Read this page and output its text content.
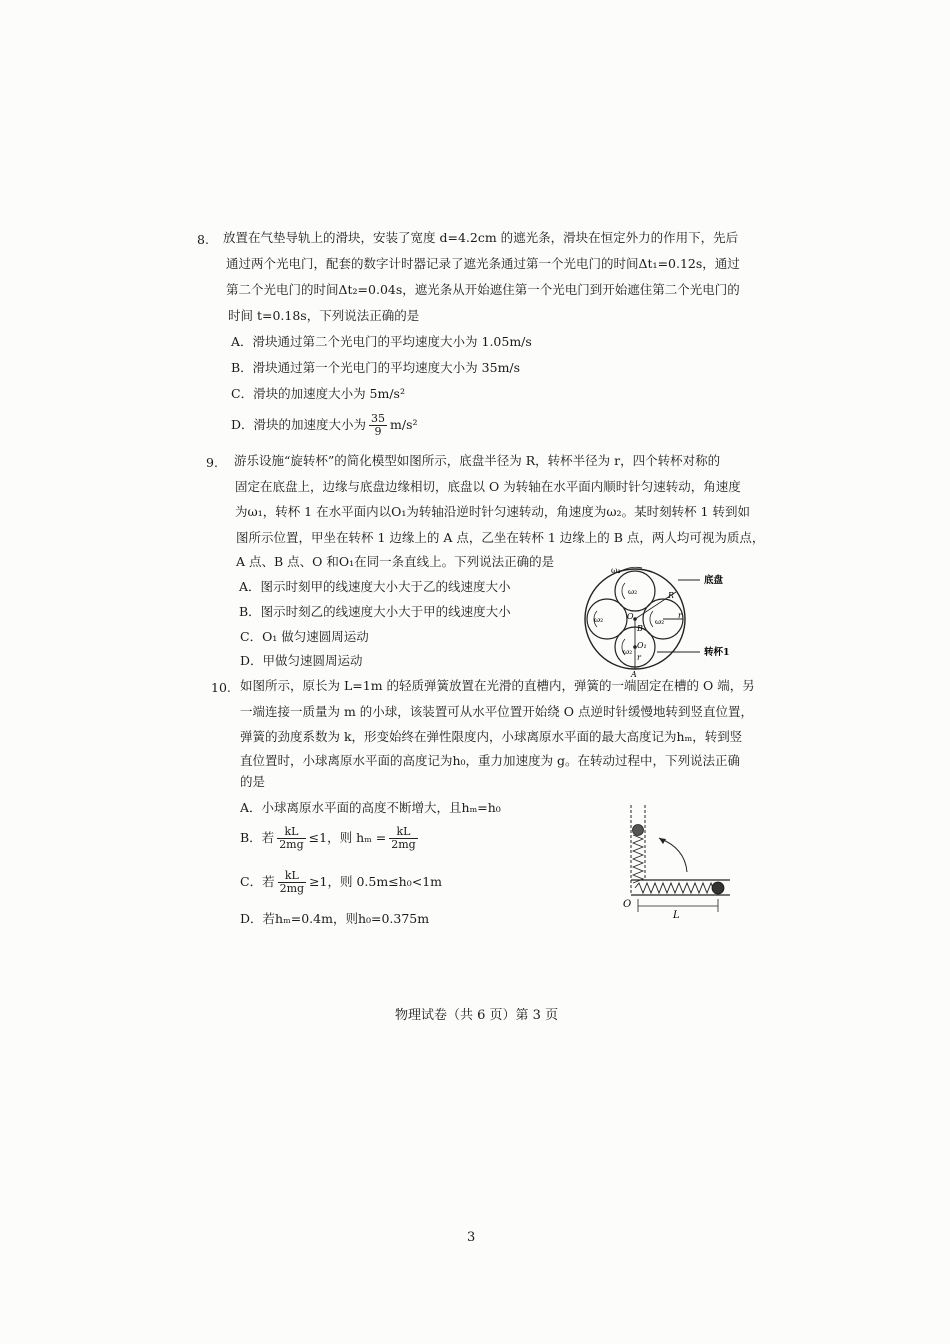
8. 放置在气垫导轨上的滑块，安装了宽度 d=4.2cm 的遮光条，滑块在恒定外力的作用下，先后
通过两个光电门，配套的数字计时器记录了遮光条通过第一个光电门的时间Δt₁=0.12s，通过
第二个光电门的时间Δt₂=0.04s，遮光条从开始遮住第一个光电门到开始遮住第二个光电门的
时间 t=0.18s，下列说法正确的是
A．滑块通过第二个光电门的平均速度大小为 1.05m/s
B．滑块通过第一个光电门的平均速度大小为 35m/s
C．滑块的加速度大小为 5m/s²
D．滑块的加速度大小为 $\frac{35}{9} m/s^2$
9. 游乐设施“旋转杯”的简化模型如图所示，底盘半径为 R，转杯半径为 r，四个转杯对称的
固定在底盘上，边缘与底盘边缘相切，底盘以 O 为转轴在水平面内顺时针匀速转动，角速度
为ω₁，转杯 1 在水平面内以O₁为转轴沿逆时针匀速转动，角速度为ω₂。某时刻转杯 1 转到如
图所示位置，甲坐在转杯 1 边缘上的 A 点，乙坐在转杯 1 边缘上的 B 点，两人均可视为质点，
A 点、B 点、O 和O₁在同一条直线上。下列说法正确的是
A．图示时刻甲的线速度大小大于乙的线速度大小
B．图示时刻乙的线速度大小大于甲的线速度大小
C．O₁ 做匀速圆周运动
D．甲做匀速圆周运动
ω₁
ω₂
ω₂	ω₂
ω₂
底盘
转杯1
R
r
O
B
O₁
r
A
10. 如图所示，原长为 L=1m 的轻质弹簧放置在光滑的直槽内，弹簧的一端固定在槽的 O 端，另
一端连接一质量为 m 的小球，该装置可从水平位置开始绕 O 点逆时针缓慢地转到竖直位置，
弹簧的劲度系数为 k，形变始终在弹性限度内，小球离原水平面的最大高度记为hₘ，转到竖
直位置时，小球离原水平面的高度记为h₀，重力加速度为 g。在转动过程中，下列说法正确
的是
A．小球离原水平面的高度不断增大，且hₘ=h₀
B．若 $\frac{kL}{2mg} \le 1$，则 $h_m = \frac{kL}{2mg}$
C．若 $\frac{kL}{2mg} \ge 1$，则 0.5m≤h₀<1m
D．若hₘ=0.4m，则h₀=0.375m
O
L
物理试卷（共 6 页）第 3 页
3
